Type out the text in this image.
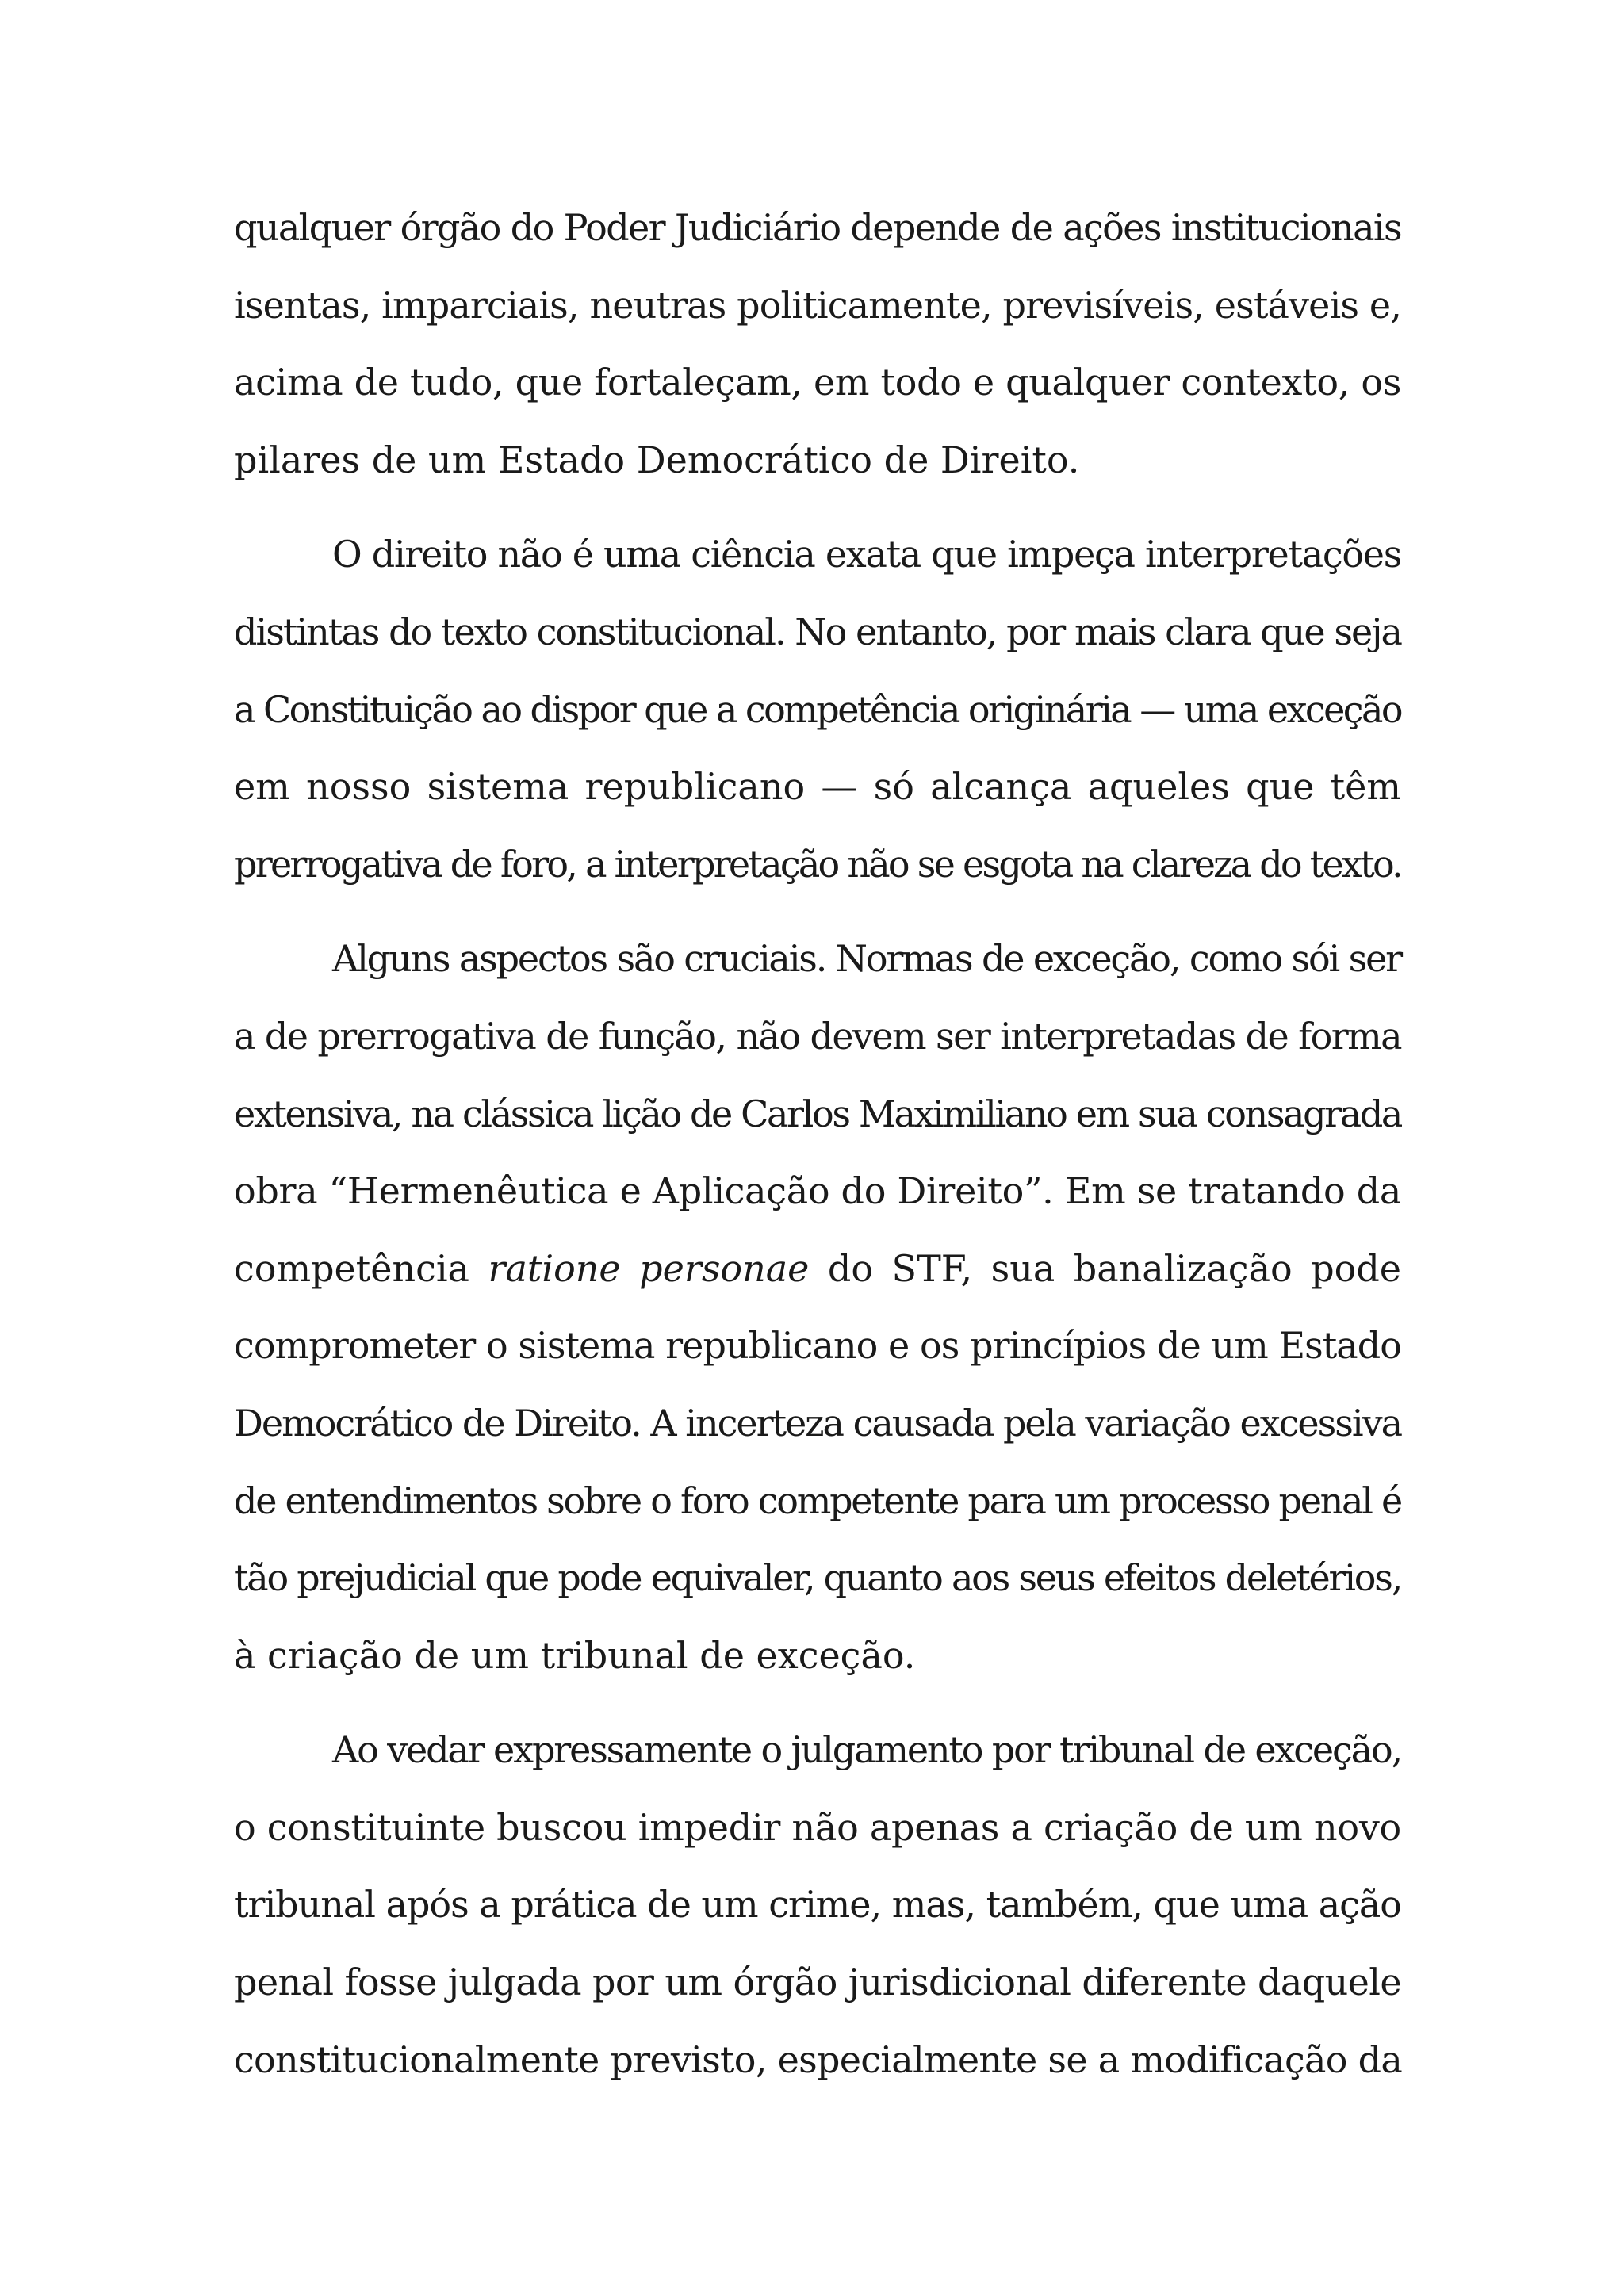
qualquer órgão do Poder Judiciário depende de ações institucionais
isentas, imparciais, neutras politicamente, previsíveis, estáveis e,
acima de tudo, que fortaleçam, em todo e qualquer contexto, os
pilares de um Estado Democrático de Direito.

O direito não é uma ciência exata que impeça interpretações
distintas do texto constitucional. No entanto, por mais clara que seja
a Constituição ao dispor que a competência originária — uma exceção
em nosso sistema republicano — só alcança aqueles que têm
prerrogativa de foro, a interpretação não se esgota na clareza do texto.

Alguns aspectos são cruciais. Normas de exceção, como sói ser
a de prerrogativa de função, não devem ser interpretadas de forma
extensiva, na clássica lição de Carlos Maximiliano em sua consagrada
obra “Hermenêutica e Aplicação do Direito”. Em se tratando da
competência ratione personae do STF, sua banalização pode
comprometer o sistema republicano e os princípios de um Estado
Democrático de Direito. A incerteza causada pela variação excessiva
de entendimentos sobre o foro competente para um processo penal é
tão prejudicial que pode equivaler, quanto aos seus efeitos deletérios,
à criação de um tribunal de exceção.

Ao vedar expressamente o julgamento por tribunal de exceção,
o constituinte buscou impedir não apenas a criação de um novo
tribunal após a prática de um crime, mas, também, que uma ação
penal fosse julgada por um órgão jurisdicional diferente daquele
constitucionalmente previsto, especialmente se a modificação da
